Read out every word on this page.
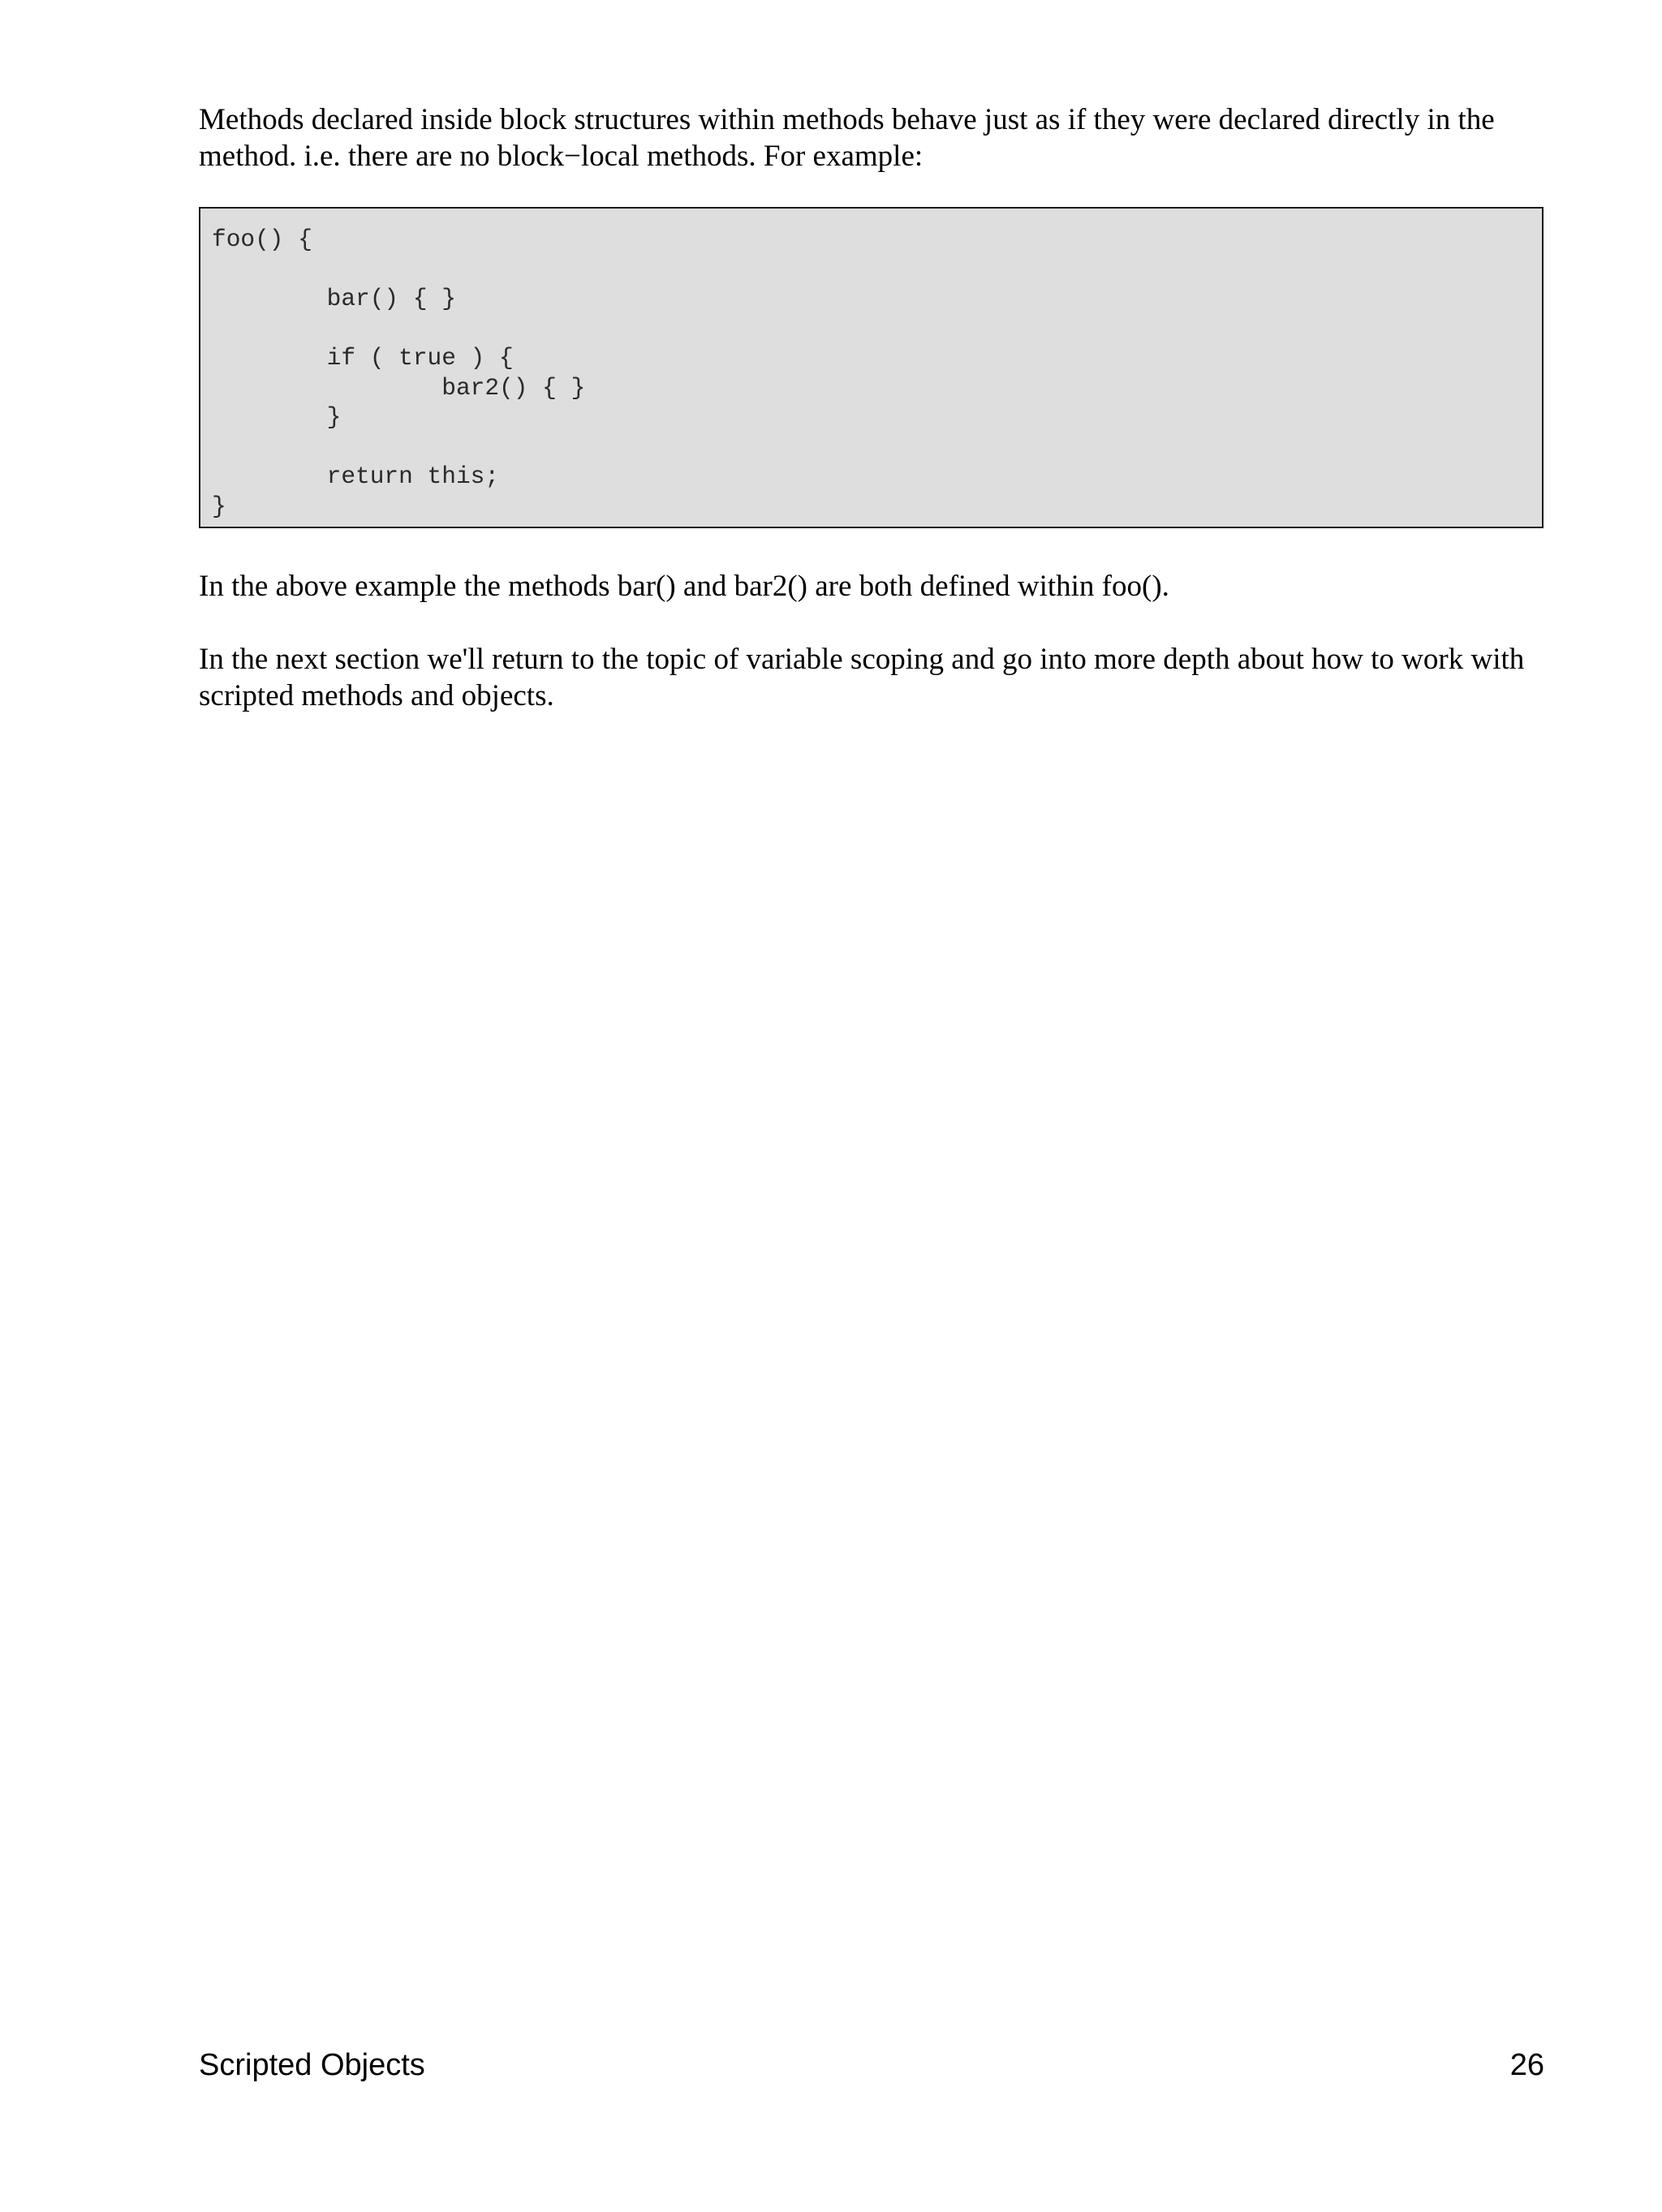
Methods declared inside block structures within methods behave just as if they were declared directly in the method. i.e. there are no block−local methods. For example:

foo() {

bar() { }

if ( true ) {
bar2() { }
}

return this;
}

In the above example the methods bar() and bar2() are both defined within foo().

In the next section we'll return to the topic of variable scoping and go into more depth about how to work with scripted methods and objects.

Scripted Objects	26
